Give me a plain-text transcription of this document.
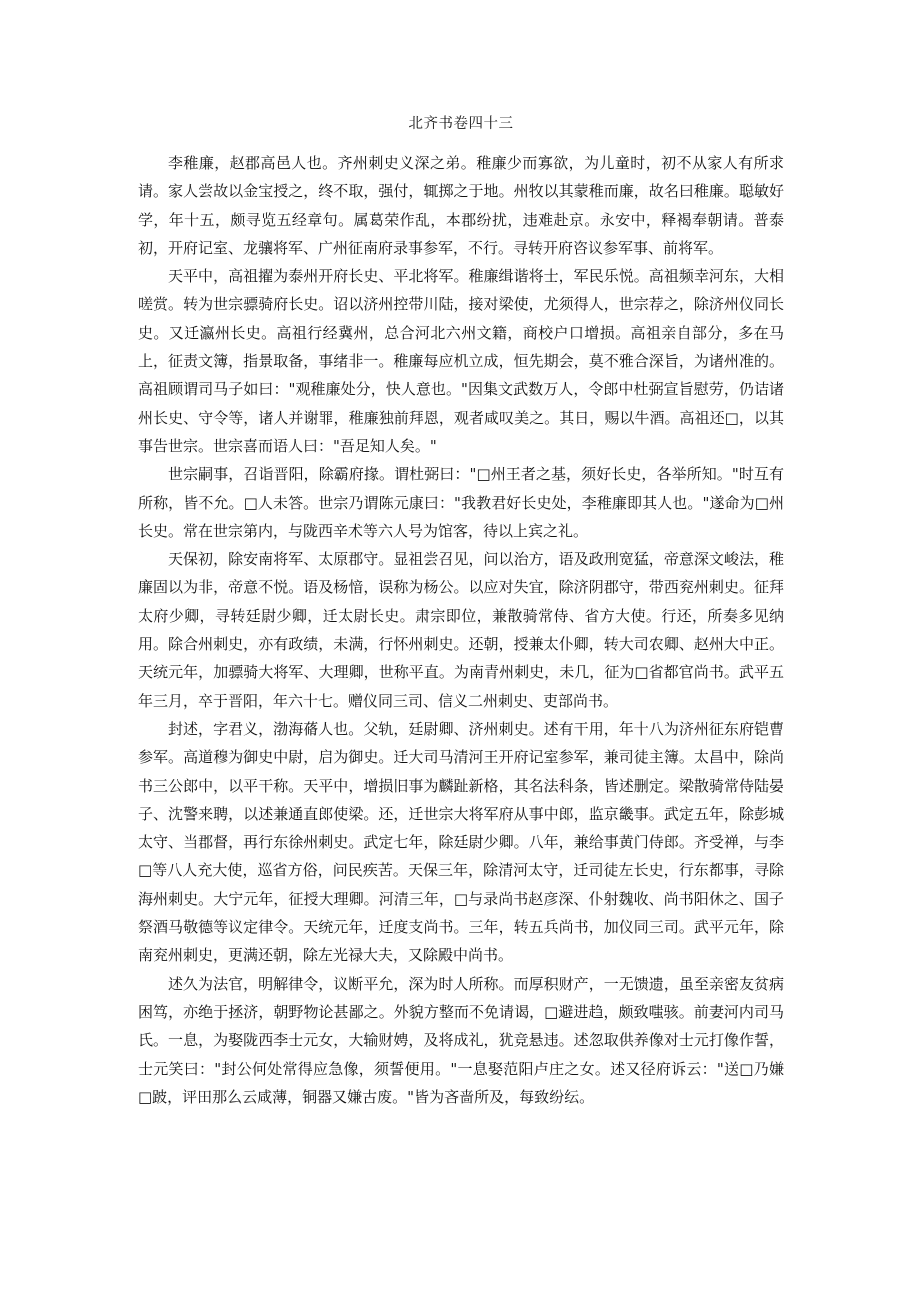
北齐书卷四十三

李稚廉，赵郡高邑人也。齐州刺史义深之弟。稚廉少而寡欲，为儿童时，初不从家人有所求请。家人尝故以金宝授之，终不取，强付，辄掷之于地。州牧以其蒙稚而廉，故名曰稚廉。聪敏好学，年十五，颇寻览五经章句。属葛荣作乱，本郡纷扰，违难赴京。永安中，释褐奉朝请。普泰初，开府记室、龙骧将军、广州征南府录事参军，不行。寻转开府咨议参军事、前将军。

天平中，高祖擢为泰州开府长史、平北将军。稚廉缉谐将士，军民乐悦。高祖频幸河东，大相嗟赏。转为世宗骠骑府长史。诏以济州控带川陆，接对梁使，尤须得人，世宗荐之，除济州仪同长史。又迁瀛州长史。高祖行经冀州，总合河北六州文籍，商校户口增损。高祖亲自部分，多在马上，征责文簿，指景取备，事绪非一。稚廉每应机立成，恒先期会，莫不雅合深旨，为诸州准的。高祖顾谓司马子如曰："观稚廉处分，快人意也。"因集文武数万人，令郎中杜弼宣旨慰劳，仍诘诸州长史、守令等，诸人并谢罪，稚廉独前拜恩，观者咸叹美之。其日，赐以牛酒。高祖还□，以其事告世宗。世宗喜而语人曰："吾足知人矣。"

世宗嗣事，召诣晋阳，除霸府掾。谓杜弼曰："□州王者之基，须好长史，各举所知。"时互有所称，皆不允。□人未答。世宗乃谓陈元康曰："我教君好长史处，李稚廉即其人也。"遂命为□州长史。常在世宗第内，与陇西辛术等六人号为馆客，待以上宾之礼。

天保初，除安南将军、太原郡守。显祖尝召见，问以治方，语及政刑宽猛，帝意深文峻法，稚廉固以为非，帝意不悦。语及杨愔，误称为杨公。以应对失宜，除济阴郡守，带西兖州刺史。征拜太府少卿，寻转廷尉少卿，迁太尉长史。肃宗即位，兼散骑常侍、省方大使。行还，所奏多见纳用。除合州刺史，亦有政绩，未满，行怀州刺史。还朝，授兼太仆卿，转大司农卿、赵州大中正。天统元年，加骠骑大将军、大理卿，世称平直。为南青州刺史，未几，征为□省都官尚书。武平五年三月，卒于晋阳，年六十七。赠仪同三司、信义二州刺史、吏部尚书。

封述，字君义，渤海蓨人也。父轨，廷尉卿、济州刺史。述有干用，年十八为济州征东府铠曹参军。高道穆为御史中尉，启为御史。迁大司马清河王开府记室参军，兼司徒主簿。太昌中，除尚书三公郎中，以平干称。天平中，增损旧事为麟趾新格，其名法科条，皆述删定。梁散骑常侍陆晏子、沈警来聘，以述兼通直郎使梁。还，迁世宗大将军府从事中郎，监京畿事。武定五年，除彭城太守、当郡督，再行东徐州刺史。武定七年，除廷尉少卿。八年，兼给事黄门侍郎。齐受禅，与李□等八人充大使，巡省方俗，问民疾苦。天保三年，除清河太守，迁司徒左长史，行东都事，寻除海州刺史。大宁元年，征授大理卿。河清三年，□与录尚书赵彦深、仆射魏收、尚书阳休之、国子祭酒马敬德等议定律令。天统元年，迁度支尚书。三年，转五兵尚书，加仪同三司。武平元年，除南兖州刺史，更满还朝，除左光禄大夫，又除殿中尚书。

述久为法官，明解律令，议断平允，深为时人所称。而厚积财产，一无馈遗，虽至亲密友贫病困笃，亦绝于拯济，朝野物论甚鄙之。外貌方整而不免请谒，□避进趋，颇致嗤骇。前妻河内司马氏。一息，为娶陇西李士元女，大输财娉，及将成礼，犹竞悬违。述忽取供养像对士元打像作誓，士元笑曰："封公何处常得应急像，须誓便用。"一息娶范阳卢庄之女。述又径府诉云："送□乃嫌□跛，评田那么云咸薄，铜器又嫌古废。"皆为吝啬所及，每致纷纭。
